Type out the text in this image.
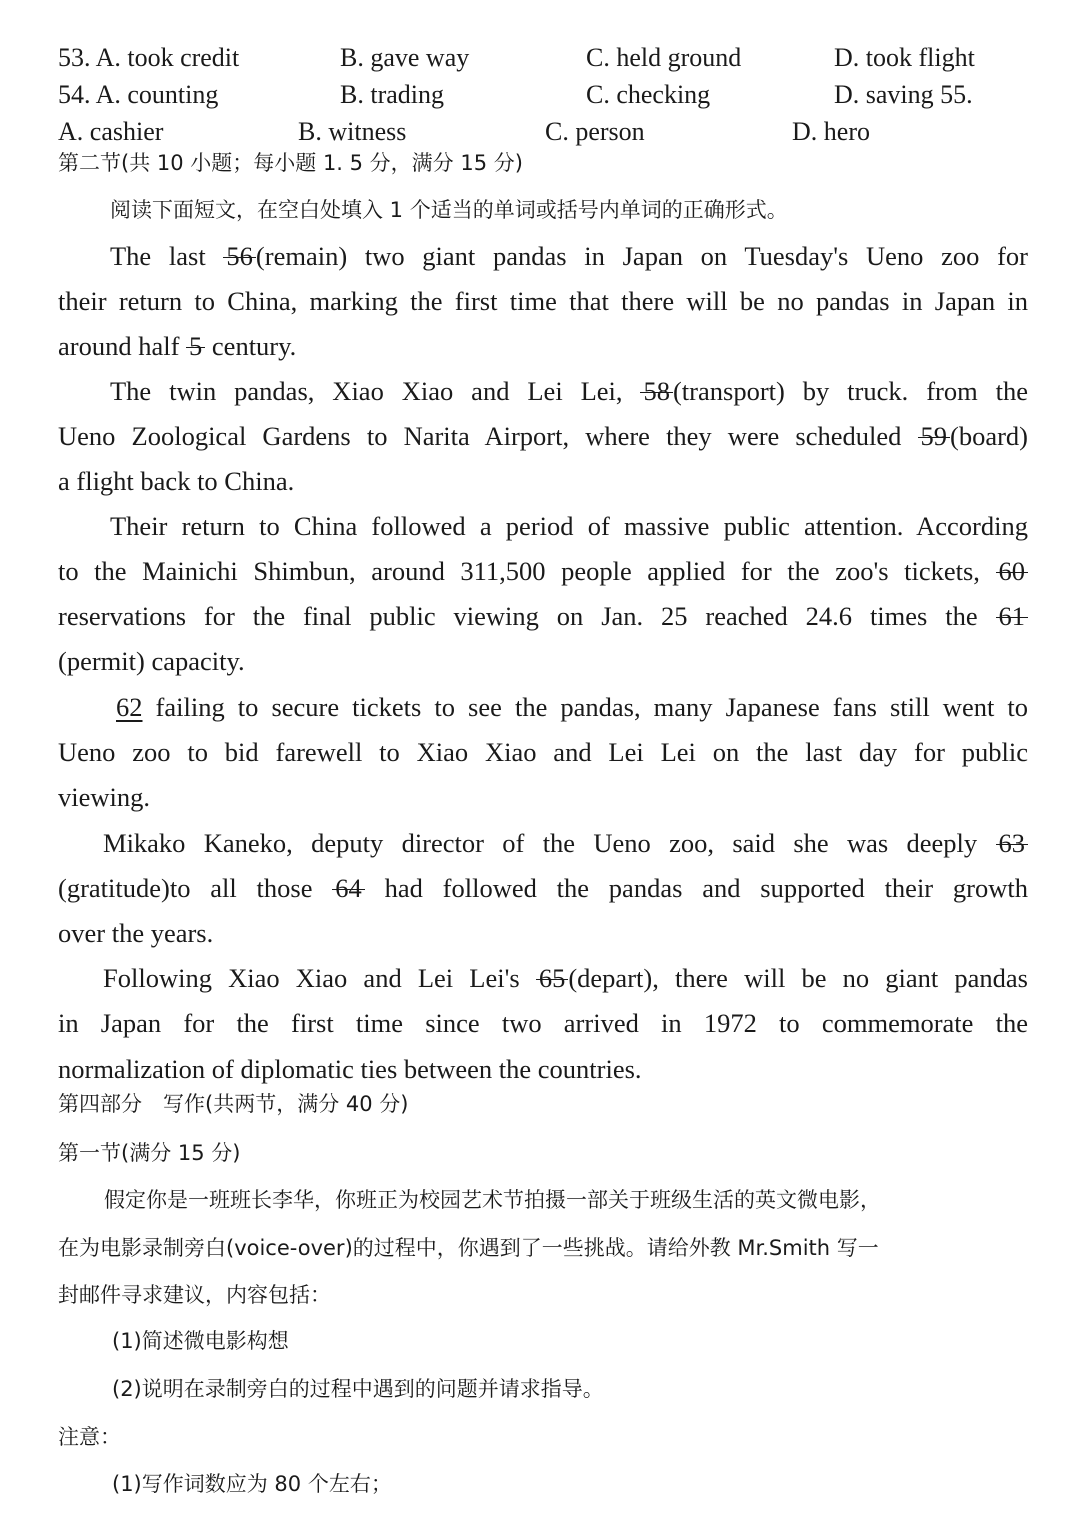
53. A. took credit	B. gave way	C. held ground	D. took flight
54. A. counting	B. trading	C. checking	D. saving 55.
A. cashier	B. witness	C. person	D. hero
第二节(共 10 小题；每小题 1. 5 分，满分 15 分)
阅读下面短文，在空白处填入 1 个适当的单词或括号内单词的正确形式。
The last 56 (remain) two giant pandas in Japan on Tuesday's Ueno zoo for
their return to China, marking the first time that there will be no pandas in Japan in
around half 5 century.
The twin pandas, Xiao Xiao and Lei Lei, 58 (transport) by truck. from the
Ueno Zoological Gardens to Narita Airport, where they were scheduled 59 (board)
a flight back to China.
Their return to China followed a period of massive public attention. According
to the Mainichi Shimbun, around 311,500 people applied for the zoo's tickets, 60
reservations for the final public viewing on Jan. 25 reached 24.6 times the 61
(permit) capacity.
62 failing to secure tickets to see the pandas, many Japanese fans still went to
Ueno zoo to bid farewell to Xiao Xiao and Lei Lei on the last day for public
viewing.
Mikako Kaneko, deputy director of the Ueno zoo, said she was deeply 63
(gratitude)to all those 64 had followed the pandas and supported their growth
over the years.
Following Xiao Xiao and Lei Lei's 65 (depart), there will be no giant pandas
in Japan for the first time since two arrived in 1972 to commemorate the
normalization of diplomatic ties between the countries.
第四部分　写作(共两节，满分 40 分)
第一节(满分 15 分)
假定你是一班班长李华，你班正为校园艺术节拍摄一部关于班级生活的英文微电影，
在为电影录制旁白(voice-over)的过程中，你遇到了一些挑战。请给外教 Mr.Smith 写一
封邮件寻求建议，内容包括：
(1)简述微电影构想
(2)说明在录制旁白的过程中遇到的问题并请求指导。
注意：
(1)写作词数应为 80 个左右；
